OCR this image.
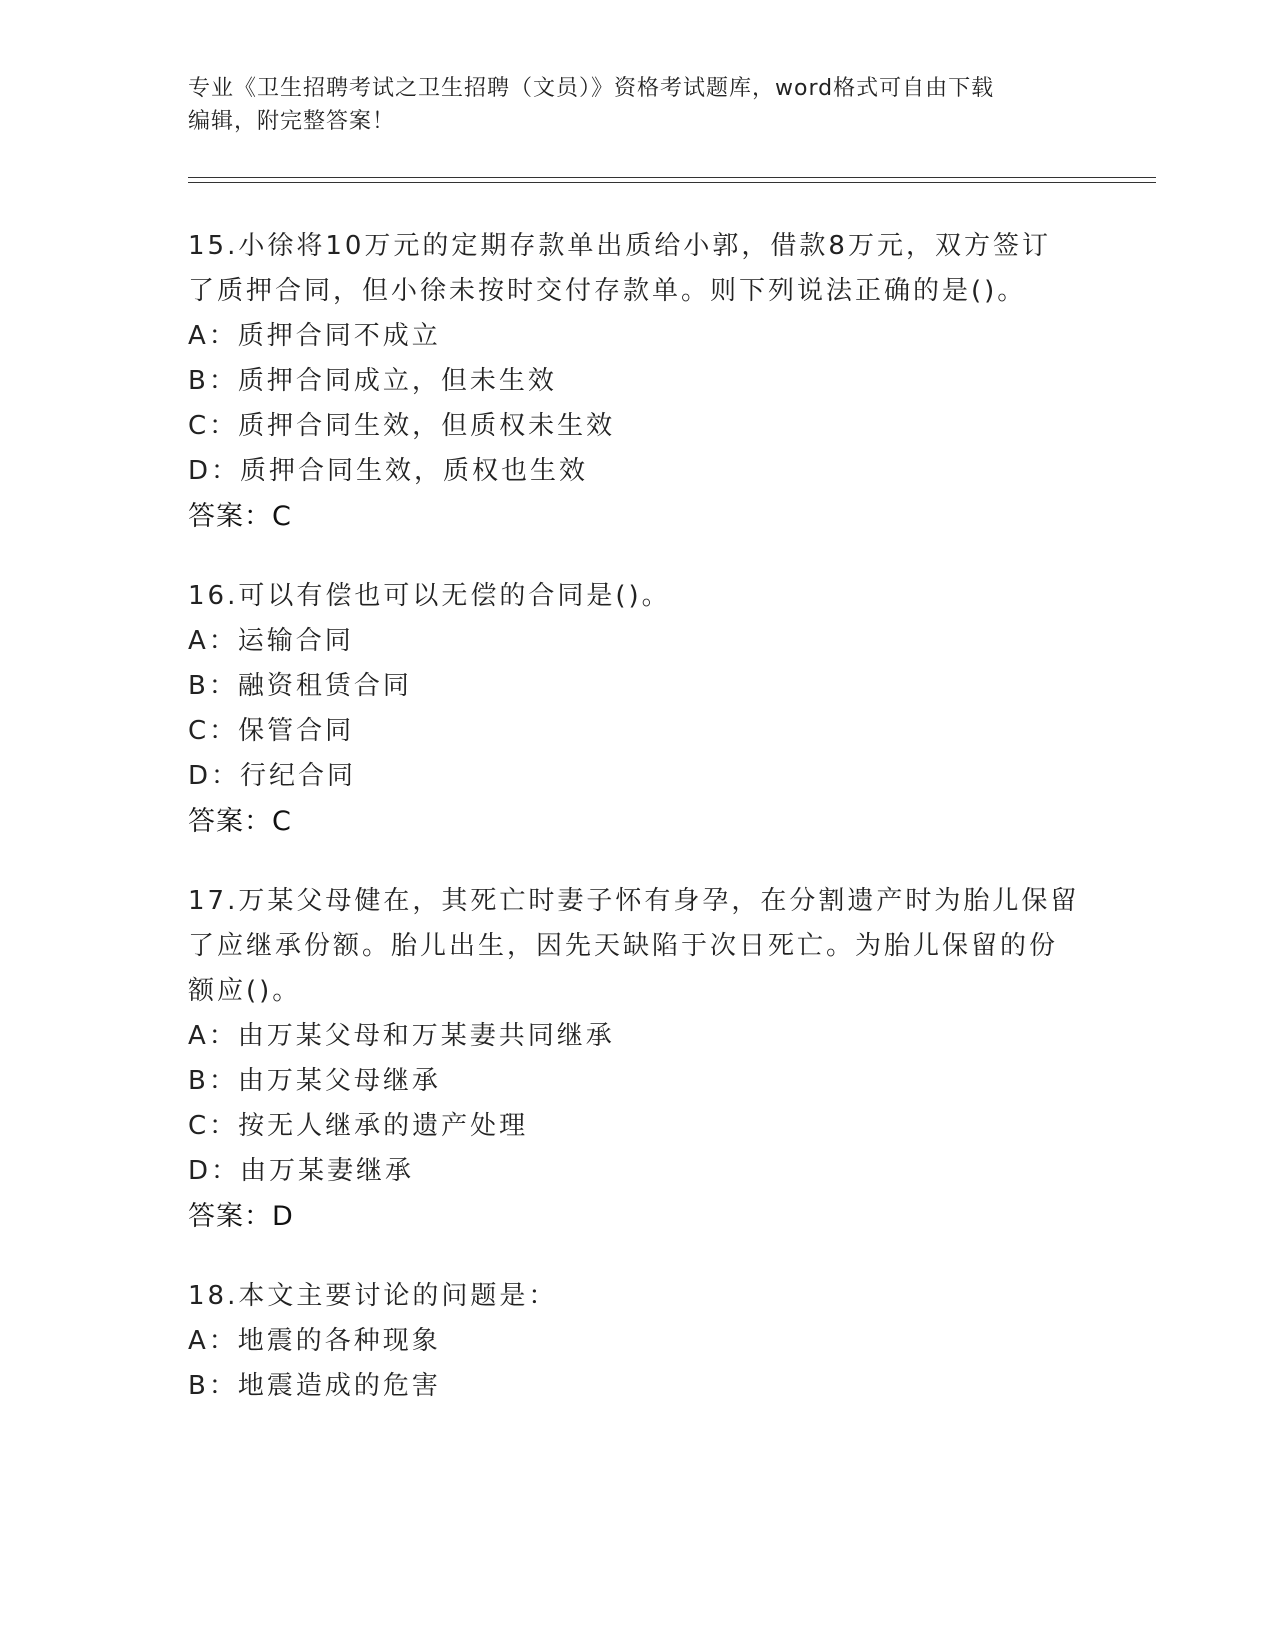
专业《卫生招聘考试之卫生招聘（文员）》资格考试题库，word格式可自由下载
编辑，附完整答案！

15.小徐将10万元的定期存款单出质给小郭，借款8万元，双方签订

了质押合同，但小徐未按时交付存款单。则下列说法正确的是()。

A：质押合同不成立

B：质押合同成立，但未生效

C：质押合同生效，但质权未生效

D：质押合同生效，质权也生效

答案：C

16.可以有偿也可以无偿的合同是()。

A：运输合同

B：融资租赁合同

C：保管合同

D：行纪合同

答案：C

17.万某父母健在，其死亡时妻子怀有身孕，在分割遗产时为胎儿保留

了应继承份额。胎儿出生，因先天缺陷于次日死亡。为胎儿保留的份

额应()。

A：由万某父母和万某妻共同继承

B：由万某父母继承

C：按无人继承的遗产处理

D：由万某妻继承

答案：D

18.本文主要讨论的问题是：

A：地震的各种现象

B：地震造成的危害
